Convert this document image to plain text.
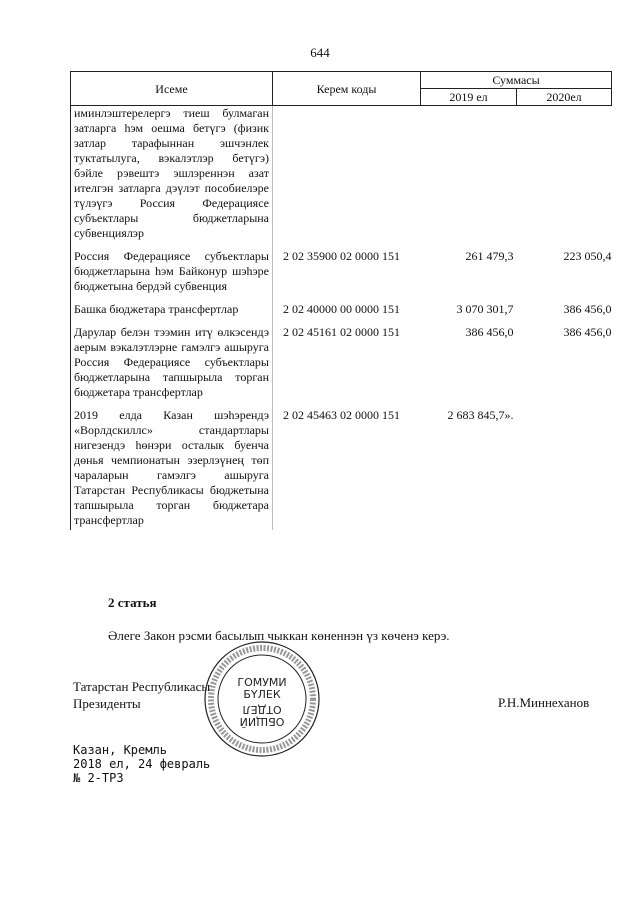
644
Исеме	Керем коды	Суммасы	
		2019 ел	2020ел
иминлэштерелергэ тиеш булмаган затларга hэм оешма бетүгэ (физик затлар тарафыннан эшчэнлек туктатылуга, вэкалэтлэр бетүгэ) бэйле рэвештэ эшлэреннэн азат ителгэн затларга дэүлэт пособиелэре түлэүгэ Россия Федерациясе субъектлары бюджетларына субвенциялэр			
Россия Федерациясе субъектлары бюджетларына hэм Байконур шэhэре бюджетына бердэй субвенция	2 02 35900 02 0000 151	261 479,3	223 050,4
Башка бюджетара трансфертлар	2 02 40000 00 0000 151	3 070 301,7	386 456,0
Дарулар белэн тээмин итү өлкэсендэ аерым вэкалэтлэрне гамэлгэ ашыруга Россия Федерациясе субъектлары бюджетларына тапшырыла торган бюджетара трансфертлар	2 02 45161 02 0000 151	386 456,0	386 456,0
2019 елда Казан шэhэрендэ «Ворлдскиллс» стандартлары нигезендэ hөнэри осталык буенча дөнья чемпионатын эзерлэүнең төп чараларын гамэлгэ ашыруга Татарстан Республикасы бюджетына тапшырыла торган бюджетара трансфертлар	2 02 45463 02 0000 151	2 683 845,7».	
2 статья
Әлеге Закон рэсми басылып чыккан көненнэн үз көченэ керэ.
Татарстан Республикасы
Президенты	Р.Н.Миннеханов
ГОМУМИ
БҮЛЕК
ОТДЕЛ
ОБЩИЙ
Казан, Кремль
2018 ел, 24 февраль
№ 2-ТРЗ
